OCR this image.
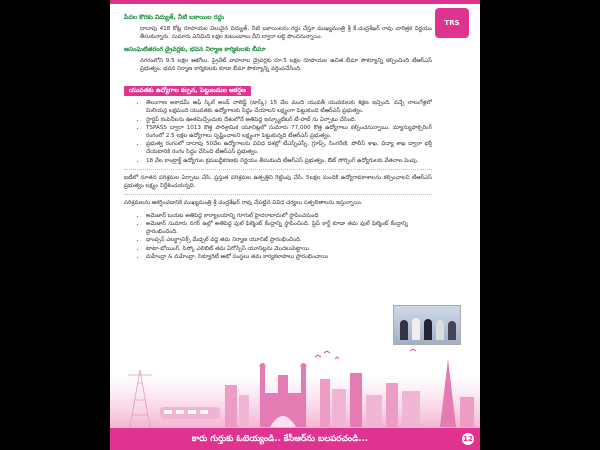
TRS
పేదల కొరకు విద్యుత్, నీటి బకాయిల రద్దు

దాదాపు 418 కోట్ల రూపాయల విలువైన విద్యుత్, నీటి బకాయిలను రద్దు చేస్తూ ముఖ్యమంత్రి శ్రీ కే.చంద్రశేఖర్ రావు చారిత్రక నిర్ణయం తీసుకున్నారు. సుమారు ఎనిమిది లక్షల కుటుంబాలు దీని ద్వారా లబ్ది పొందనున్నాయి.

అసంఘటితరంగ డ్రైవర్లకు, భవన నిర్మాణ కార్మికులకు బీమా

నగరంలోని 9.5 లక్షల ఆటోలు, ప్రైవేట్ వాహనాల డ్రైవర్లకు రూ.5 లక్షల రూపాయల ఉచిత బీమా సౌకర్యాన్ని కల్పించింది టీఆర్ఎస్ ప్రభుత్వం. భవన నిర్మాణ కార్మికులకు కూడా బీమా సౌకర్యాన్ని వర్తింపచేసింది.

యువతకు ఉద్యోగాల కల్పన, పెట్టుబడుల ఆకర్షణ
• తెలంగాణ అకాడమీ ఆఫ్ స్కిల్ అండ్ నాలెడ్జ్ (టాస్క్) 15 వేల మంది యువతీ యువకులకు శిక్షణ ఇచ్చింది. వచ్చే నాలుగేళ్లలో మిలియన్ల లక్షమంది యువతకు ఉద్యోగాలకు సిద్ధం చేయాలని లక్ష్యంగా పెట్టుకుంది టీఆర్ఎస్ ప్రభుత్వం.
• స్టార్టప్ కంపెనీలను ఊతమిచ్చేందుకు దేశంలోనే అతిపెద్ద ఇన్క్యూబేటర్ టీ-హబ్ ను ఏర్పాటు చేసింది.
• TSPASS ద్వారా 1013 కొత్త పారిశ్రామిక యూనిట్లలో సుమారు 77,000 కొత్త ఉద్యోగాలు కల్పించనున్నాయి. మ్యాన్యుఫాక్చరింగ్ రంగంలో 2.5 లక్షల ఉద్యోగాలు సృష్టించాలని లక్ష్యంగా పెట్టుకున్నది టీఆర్ఎస్ ప్రభుత్వం.
• ప్రభుత్వ రంగంలో దాదాపు 50వేల ఉద్యోగాలను వివిధ దశల్లో టీఎస్పీఎస్సీ, గ్రూప్స్, సింగరేణి, పోలీస్ శాఖ, విద్యా శాఖ ద్వారా భర్తీ చేయటానికి రంగం సిద్ధం చేసింది టీఆర్ఎస్ ప్రభుత్వం.
• 18 వేల కాంట్రాక్ట్ ఉద్యోగుల క్రమబద్ధీకరణకు నిర్ణయం తీసుకుంది టీఆర్ఎస్ ప్రభుత్వం. ఔట్ సోర్సింగ్ ఉద్యోగులకు వేతనాల పెంపు.

ఐటీలో నూతన పరిశ్రమల ఏర్పాటు చేసి, ప్రస్తుత పరిశ్రమల ఉత్పత్తిని రెట్టింపు చేసి, 5లక్షల మందికి ఉద్యోగావకాశాలను కల్పించాలని టీఆర్ఎస్ ప్రభుత్వం లక్ష్యం నిర్దేశించుకున్నది.

పరిశ్రమలను ఆకర్షించడానికి ముఖ్యమంత్రి శ్రీ చంద్రశేఖర్ రావు చేపట్టిన వివిధ చర్యలు సత్ఫలితాలను ఇస్తున్నాయి.

• అమెజాన్ బయట అతిపెద్ద కార్యాలయాన్ని గూగుల్ హైదరాబాదులో స్థాపించనుంది
• అమెజాన్ సుమారు నగర్ ఉల్లో అతిపెద్ద ఫుల్ ఫిల్మెంట్ కేంద్రాన్ని స్థాపించింది. ఫ్లిప్ కార్ట్ కూడా తమ ఫుల్ ఫిల్మెంట్ కేంద్రాన్ని ప్రారంభించింది.
• థాంప్సన్ ఎలక్ట్రానిక్స్ మేడ్చల్ వద్ద తమ నిర్మాణ యూనిట్ ప్రారంభించింది.
• టాటా-బోయింగ్, సిస్కో ఎలిబిట్ తమ ఏరోస్పేస్ యూనిట్లను మొదలుపెట్టాయి
• మహీంద్రా & మహీంద్రా, సెక్యూరిటీ ఆటో సంస్థలు తమ కార్యకలాపాలు ప్రారంభించాయి
కారు గుర్తుకు ఓటెయ్యండి.. కేసీఆర్‌ను బలపరచండి...	12
